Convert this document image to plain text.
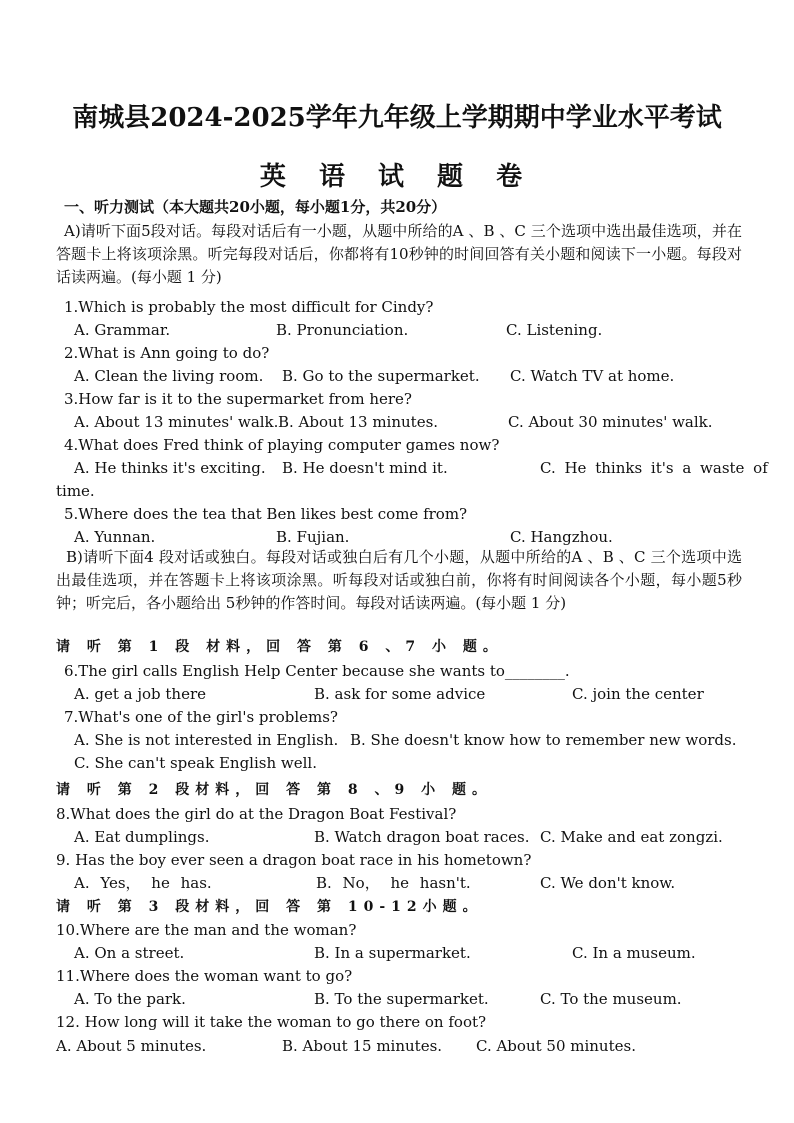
南城县2024-2025学年九年级上学期期中学业水平考试
英 语 试 题 卷
一、听力测试（本大题共20小题，每小题1分，共20分）
A)请听下面5段对话。每段对话后有一小题，从题中所给的A 、B 、C 三个选项中选出最佳选项，并在答题卡上将该项涂黑。听完每段对话后，你都将有10秒钟的时间回答有关小题和阅读下一小题。每段对话读两遍。(每小题 1 分)
1.Which is probably the most difficult for Cindy?
A. Grammar.	B. Pronunciation.	C. Listening.
2.What is Ann going to do?
A. Clean the living room. B. Go to the supermarket. C. Watch TV at home.
3.How far is it to the supermarket from here?
A. About 13 minutes' walk. B. About 13 minutes.	C. About 30 minutes' walk.
4.What does Fred think of playing computer games now?
A. He thinks it's exciting. B. He doesn't mind it.	C. He thinks it's a waste of
time.
5.Where does the tea that Ben likes best come from?
A. Yunnan.	B. Fujian.	C. Hangzhou.
B)请听下面4 段对话或独白。每段对话或独白后有几个小题，从题中所给的A 、B 、C 三个选项中选出最佳选项，并在答题卡上将该项涂黑。听每段对话或独白前，你将有时间阅读各个小题，每小题5秒钟；听完后，各小题给出 5秒钟的作答时间。每段对话读两遍。(每小题 1 分)
请 听 第 1 段 材料，回 答 第 6 、7 小 题。
6.The girl calls English Help Center because she wants to________.
A. get a job there	B. ask for some advice	C. join the center
7.What's one of the girl's problems?
A. She is not interested in English. B. She doesn't know how to remember new words.
C. She can't speak English well.
请 听 第 2 段材料，回 答 第 8 、9 小 题。
8.What does the girl do at the Dragon Boat Festival?
A. Eat dumplings.	B. Watch dragon boat races. C. Make and eat zongzi.
9. Has the boy ever seen a dragon boat race in his hometown?
A. Yes， he has.	B. No， he hasn't.	C. We don't know.
请 听 第 3 段材料，回 答 第 10-12小题。
10.Where are the man and the woman?
A. On a street.	B. In a supermarket.	C. In a museum.
11.Where does the woman want to go?
A. To the park.	B. To the supermarket.	C. To the museum.
12. How long will it take the woman to go there on foot?
A. About 5 minutes.	B. About 15 minutes. C. About 50 minutes.
